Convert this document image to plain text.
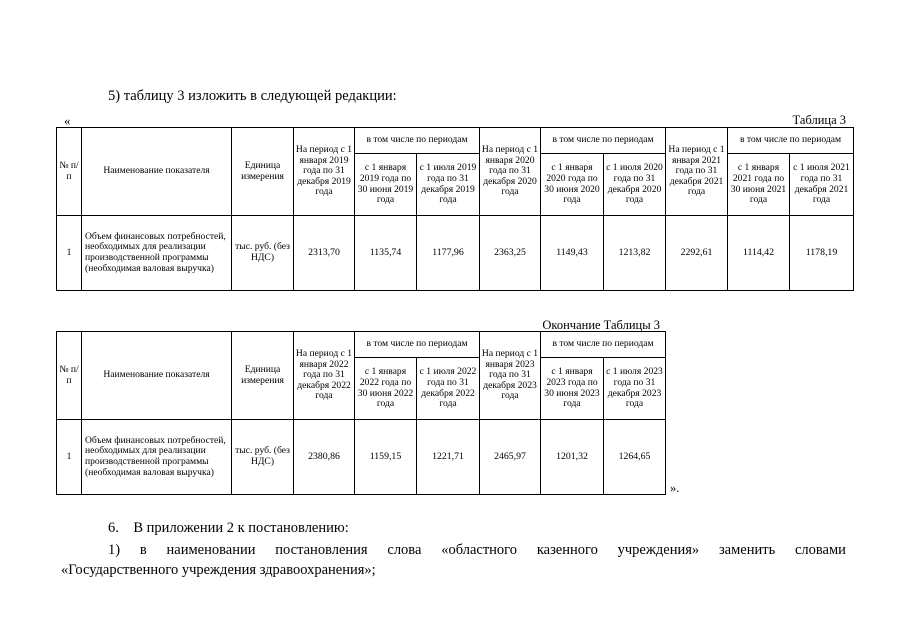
5) таблицу 3 изложить в следующей редакции:
«	Таблица 3
№ п/п	Наименование показателя	Единица измерения	На период с 1 января 2019 года по 31 декабря 2019 года	в том числе по периодам		На период с 1 января 2020 года по 31 декабря 2020 года	в том числе по периодам		На период с 1 января 2021 года по 31 декабря 2021 года	в том числе по периодам	
				с 1 января 2019 года по 30 июня 2019 года	с 1 июля 2019 года по 31 декабря 2019 года		с 1 января 2020 года по 30 июня 2020 года	с 1 июля 2020 года по 31 декабря 2020 года		с 1 января 2021 года по 30 июня 2021 года	с 1 июля 2021 года по 31 декабря 2021 года
1	Объем финансовых потребностей, необходимых для реализации производственной программы (необходимая валовая выручка)	тыс. руб. (без НДС)	2313,70	1135,74	1177,96	2363,25	1149,43	1213,82	2292,61	1114,42	1178,19
Окончание Таблицы 3
№ п/п	Наименование показателя	Единица измерения	На период с 1 января 2022 года по 31 декабря 2022 года	в том числе по периодам		На период с 1 января 2023 года по 31 декабря 2023 года	в том числе по периодам	
				с 1 января 2022 года по 30 июня 2022 года	с 1 июля 2022 года по 31 декабря 2022 года		с 1 января 2023 года по 30 июня 2023 года	с 1 июля 2023 года по 31 декабря 2023 года
1	Объем финансовых потребностей, необходимых для реализации производственной программы (необходимая валовая выручка)	тыс. руб. (без НДС)	2380,86	1159,15	1221,71	2465,97	1201,32	1264,65
».
6.    В приложении 2 к постановлению:
1) в наименовании постановления слова «областного казенного учреждения» заменить словами
«Государственного учреждения здравоохранения»;
